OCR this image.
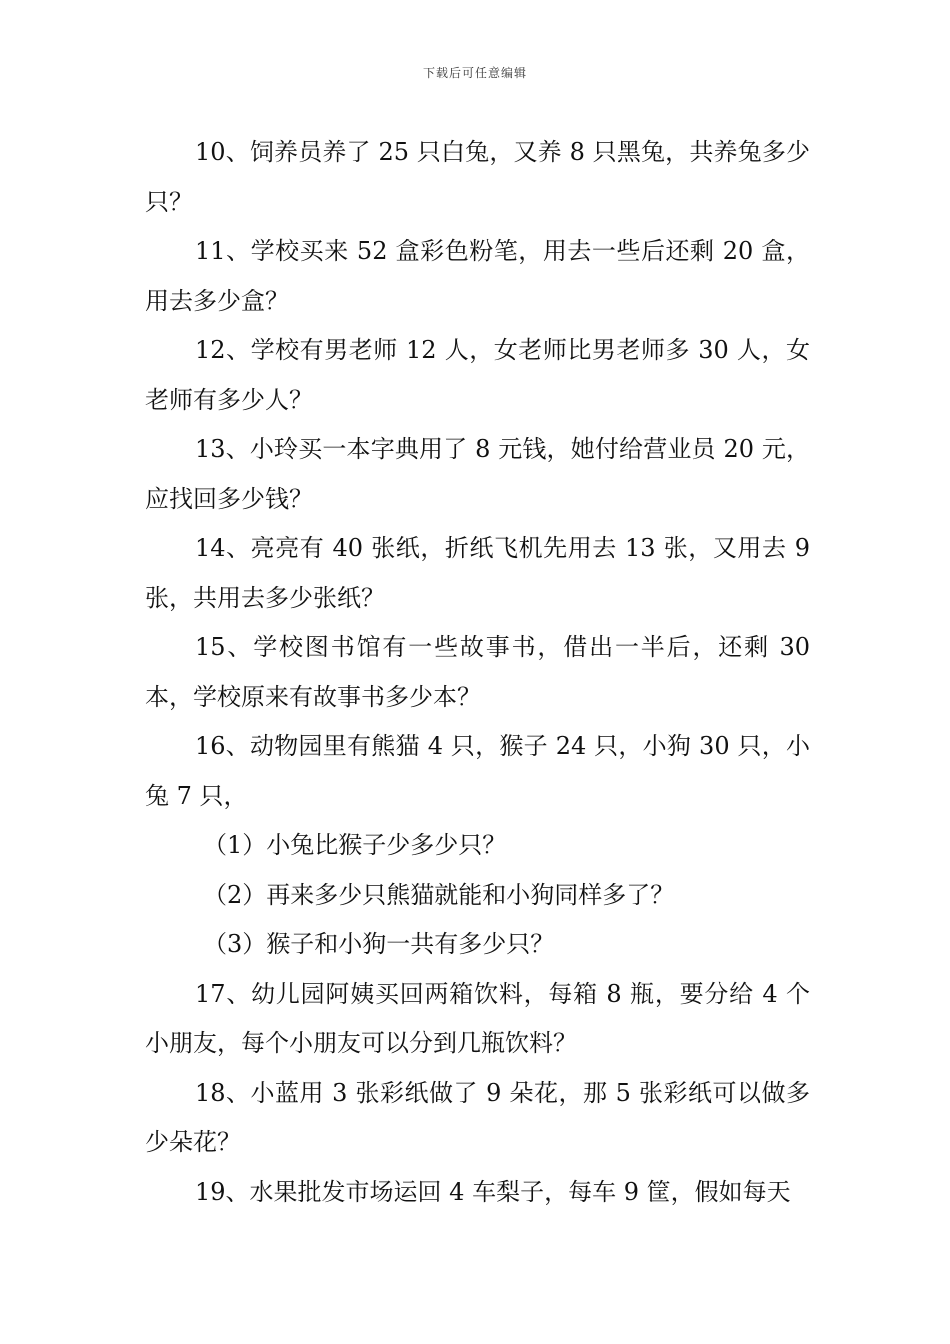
下载后可任意编辑

10、饲养员养了 25 只白兔，又养 8 只黑兔，共养兔多少只？

11、学校买来 52 盒彩色粉笔，用去一些后还剩 20 盒，用去多少盒？

12、学校有男老师 12 人，女老师比男老师多 30 人，女老师有多少人？

13、小玲买一本字典用了 8 元钱，她付给营业员 20 元，应找回多少钱？

14、亮亮有 40 张纸，折纸飞机先用去 13 张，又用去 9 张，共用去多少张纸？

15、学校图书馆有一些故事书，借出一半后，还剩 30 本，学校原来有故事书多少本？

16、动物园里有熊猫 4 只，猴子 24 只，小狗 30 只，小兔 7 只，

（1）小兔比猴子少多少只？

（2）再来多少只熊猫就能和小狗同样多了？

（3）猴子和小狗一共有多少只？

17、幼儿园阿姨买回两箱饮料，每箱 8 瓶，要分给 4 个小朋友，每个小朋友可以分到几瓶饮料？

18、小蓝用 3 张彩纸做了 9 朵花，那 5 张彩纸可以做多少朵花？

19、水果批发市场运回 4 车梨子，每车 9 筐，假如每天
